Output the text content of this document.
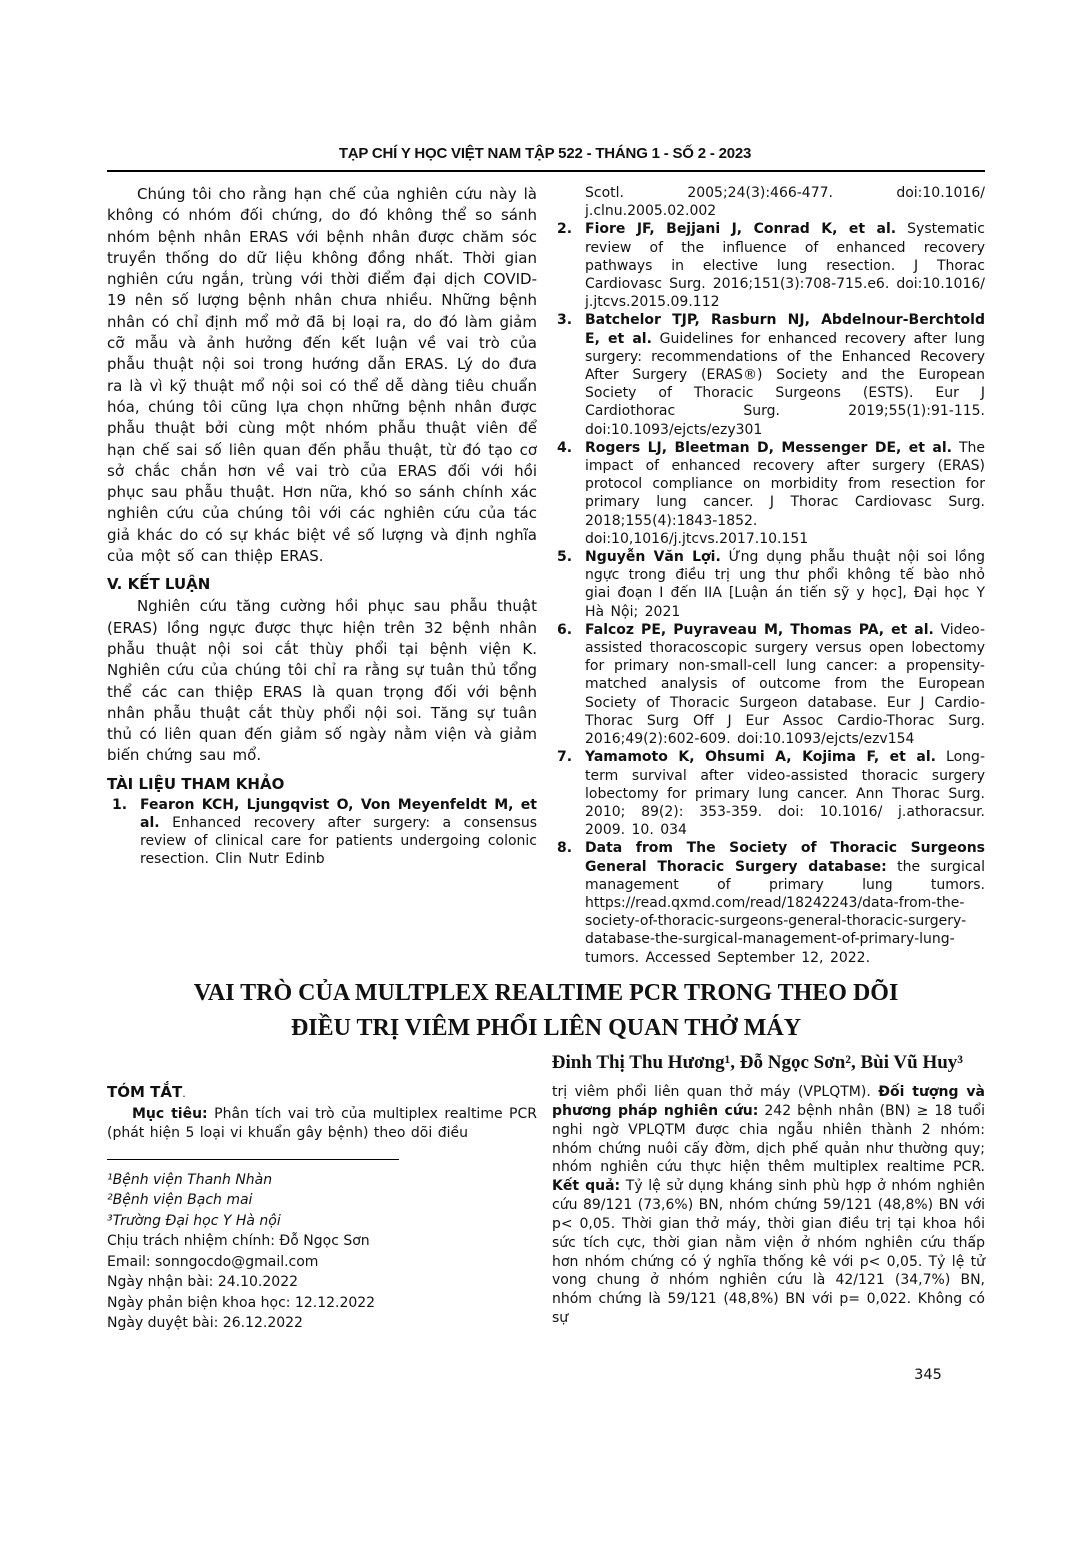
TẠP CHÍ Y HỌC VIỆT NAM TẬP 522 - THÁNG 1 - SỐ 2 - 2023

Chúng tôi cho rằng hạn chế của nghiên cứu này là không có nhóm đối chứng, do đó không thể so sánh nhóm bệnh nhân ERAS với bệnh nhân được chăm sóc truyền thống do dữ liệu không đồng nhất. Thời gian nghiên cứu ngắn, trùng với thời điểm đại dịch COVID-19 nên số lượng bệnh nhân chưa nhiều. Những bệnh nhân có chỉ định mổ mở đã bị loại ra, do đó làm giảm cỡ mẫu và ảnh hưởng đến kết luận về vai trò của phẫu thuật nội soi trong hướng dẫn ERAS. Lý do đưa ra là vì kỹ thuật mổ nội soi có thể dễ dàng tiêu chuẩn hóa, chúng tôi cũng lựa chọn những bệnh nhân được phẫu thuật bởi cùng một nhóm phẫu thuật viên để hạn chế sai số liên quan đến phẫu thuật, từ đó tạo cơ sở chắc chắn hơn về vai trò của ERAS đối với hồi phục sau phẫu thuật. Hơn nữa, khó so sánh chính xác nghiên cứu của chúng tôi với các nghiên cứu của tác giả khác do có sự khác biệt về số lượng và định nghĩa của một số can thiệp ERAS.

V. KẾT LUẬN

Nghiên cứu tăng cường hồi phục sau phẫu thuật (ERAS) lồng ngực được thực hiện trên 32 bệnh nhân phẫu thuật nội soi cắt thùy phổi tại bệnh viện K. Nghiên cứu của chúng tôi chỉ ra rằng sự tuân thủ tổng thể các can thiệp ERAS là quan trọng đối với bệnh nhân phẫu thuật cắt thùy phổi nội soi. Tăng sự tuân thủ có liên quan đến giảm số ngày nằm viện và giảm biến chứng sau mổ.

TÀI LIỆU THAM KHẢO
1. Fearon KCH, Ljungqvist O, Von Meyenfeldt M, et al. Enhanced recovery after surgery: a consensus review of clinical care for patients undergoing colonic resection. Clin Nutr Edinb
Scotl. 2005;24(3):466-477. doi:10.1016/ j.clnu.2005.02.002
2. Fiore JF, Bejjani J, Conrad K, et al. Systematic review of the influence of enhanced recovery pathways in elective lung resection. J Thorac Cardiovasc Surg. 2016;151(3):708-715.e6. doi:10.1016/ j.jtcvs.2015.09.112
3. Batchelor TJP, Rasburn NJ, Abdelnour-Berchtold E, et al. Guidelines for enhanced recovery after lung surgery: recommendations of the Enhanced Recovery After Surgery (ERAS®) Society and the European Society of Thoracic Surgeons (ESTS). Eur J Cardiothorac Surg. 2019;55(1):91-115. doi:10.1093/ejcts/ezy301
4. Rogers LJ, Bleetman D, Messenger DE, et al. The impact of enhanced recovery after surgery (ERAS) protocol compliance on morbidity from resection for primary lung cancer. J Thorac Cardiovasc Surg. 2018;155(4):1843-1852. doi:10,1016/j.jtcvs.2017.10.151
5. Nguyễn Văn Lợi. Ứng dụng phẫu thuật nội soi lồng ngực trong điều trị ung thư phổi không tế bào nhỏ giai đoạn I đến IIA [Luận án tiến sỹ y học], Đại học Y Hà Nội; 2021
6. Falcoz PE, Puyraveau M, Thomas PA, et al. Video-assisted thoracoscopic surgery versus open lobectomy for primary non-small-cell lung cancer: a propensity-matched analysis of outcome from the European Society of Thoracic Surgeon database. Eur J Cardio-Thorac Surg Off J Eur Assoc Cardio-Thorac Surg. 2016;49(2):602-609. doi:10.1093/ejcts/ezv154
7. Yamamoto K, Ohsumi A, Kojima F, et al. Long-term survival after video-assisted thoracic surgery lobectomy for primary lung cancer. Ann Thorac Surg. 2010; 89(2): 353-359. doi: 10.1016/ j.athoracsur. 2009. 10. 034
8. Data from The Society of Thoracic Surgeons General Thoracic Surgery database: the surgical management of primary lung tumors. https://read.qxmd.com/read/18242243/data-from-the-society-of-thoracic-surgeons-general-thoracic-surgery-database-the-surgical-management-of-primary-lung-tumors. Accessed September 12, 2022.
VAI TRÒ CỦA MULTPLEX REALTIME PCR TRONG THEO DÕI
ĐIỀU TRỊ VIÊM PHỔI LIÊN QUAN THỞ MÁY
Đinh Thị Thu Hương¹, Đỗ Ngọc Sơn², Bùi Vũ Huy³
TÓM TẮT.

Mục tiêu: Phân tích vai trò của multiplex realtime PCR (phát hiện 5 loại vi khuẩn gây bệnh) theo dõi điều

¹Bệnh viện Thanh Nhàn
²Bệnh viện Bạch mai
³Trường Đại học Y Hà nội
Chịu trách nhiệm chính: Đỗ Ngọc Sơn
Email: sonngocdo@gmail.com
Ngày nhận bài: 24.10.2022
Ngày phản biện khoa học: 12.12.2022
Ngày duyệt bài: 26.12.2022

trị viêm phổi liên quan thở máy (VPLQTM). Đối tượng và phương pháp nghiên cứu: 242 bệnh nhân (BN) ≥ 18 tuổi nghi ngờ VPLQTM được chia ngẫu nhiên thành 2 nhóm: nhóm chứng nuôi cấy đờm, dịch phế quản như thường quy; nhóm nghiên cứu thực hiện thêm multiplex realtime PCR. Kết quả: Tỷ lệ sử dụng kháng sinh phù hợp ở nhóm nghiên cứu 89/121 (73,6%) BN, nhóm chứng 59/121 (48,8%) BN với p< 0,05. Thời gian thở máy, thời gian điều trị tại khoa hồi sức tích cực, thời gian nằm viện ở nhóm nghiên cứu thấp hơn nhóm chứng có ý nghĩa thống kê với p< 0,05. Tỷ lệ tử vong chung ở nhóm nghiên cứu là 42/121 (34,7%) BN, nhóm chứng là 59/121 (48,8%) BN với p= 0,022. Không có sự

345
